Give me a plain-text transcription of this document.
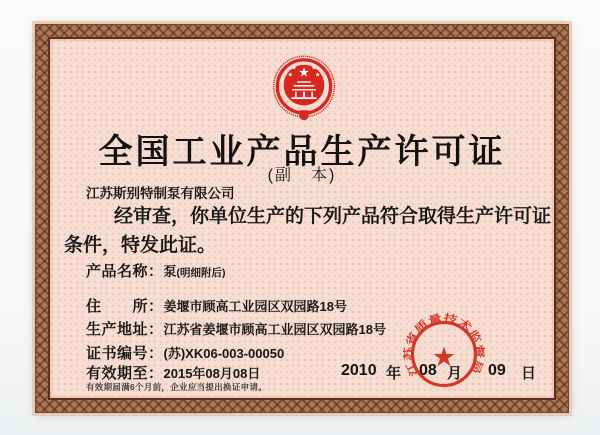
★
★ ★
★	★
全国工业产品生产许可证
(副　本)
江苏斯别特制泵有限公司
经审查，你单位生产的下列产品符合取得生产许可证
条件，特发此证。
产品名称：泵(明细附后)
住　　所：姜堰市顾高工业园区双园路18号
生产地址：江苏省姜堰市顾高工业园区双园路18号
证书编号：(苏)XK06-003-00050
有效期至：2015年08月08日	2010 年 08 月 09 日
有效期届满6个月前，企业应当提出换证申请。
江苏省质量技术监督局
★
